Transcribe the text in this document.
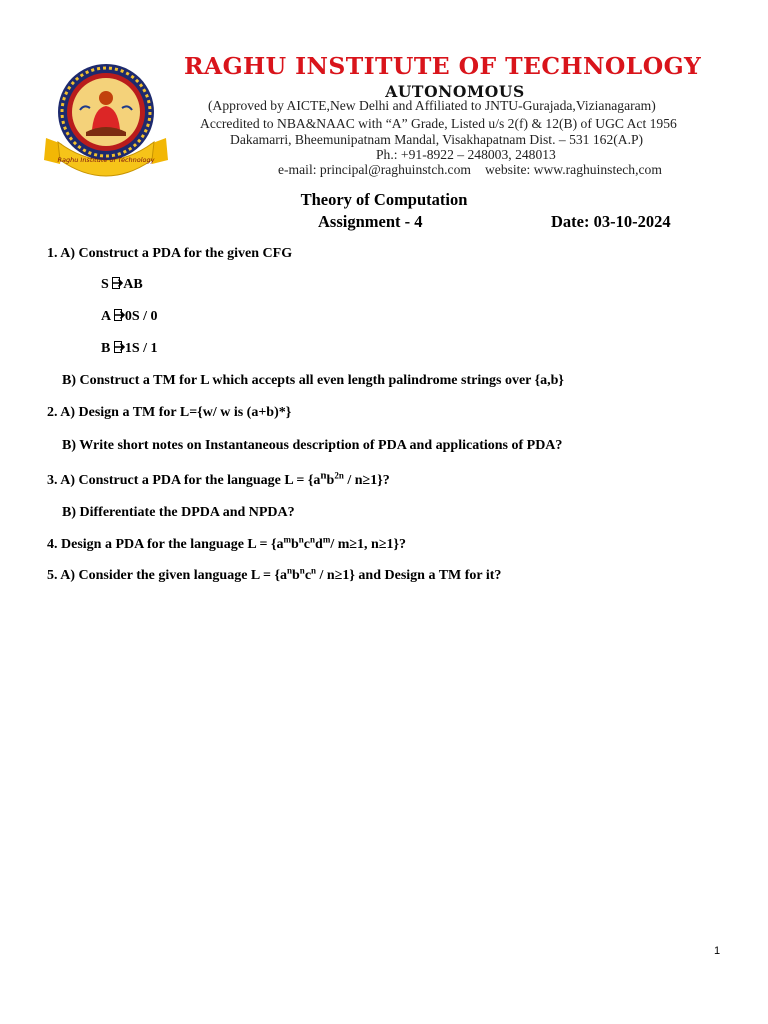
Raghu Institute of Technology
RAGHU INSTITUTE OF TECHNOLOGY
AUTONOMOUS
(Approved by AICTE,New Delhi and Affiliated to JNTU-Gurajada,Vizianagaram)
Accredited to NBA&NAAC with “A” Grade, Listed u/s 2(f) & 12(B) of UGC Act 1956
Dakamarri, Bheemunipatnam Mandal, Visakhapatnam Dist. – 531 162(A.P)
Ph.: +91-8922 – 248003, 248013
e-mail: principal@raghuinstch.com website: www.raghuinstech,com
Theory of Computation
Assignment - 4	Date: 03-10-2024
1. A) Construct a PDA for the given CFG
S
AB
A
0S / 0
B
1S / 1
B) Construct a TM for L which accepts all even length palindrome strings over {a,b}
2. A) Design a TM for L={w/ w is (a+b)*}
B) Write short notes on Instantaneous description of PDA and applications of PDA?
3. A) Construct a PDA for the language $L = \{a^nb^{2n} / n\ge 1\}$?
B) Differentiate the DPDA and NPDA?
4. Design a PDA for the language $L = \{a^mb^nc^nd^m/$ m≥1, n≥1}?
5. A) Consider the given language $L = \{a^nb^nc^n / n\ge 1\}$ and Design a TM for it?
1
